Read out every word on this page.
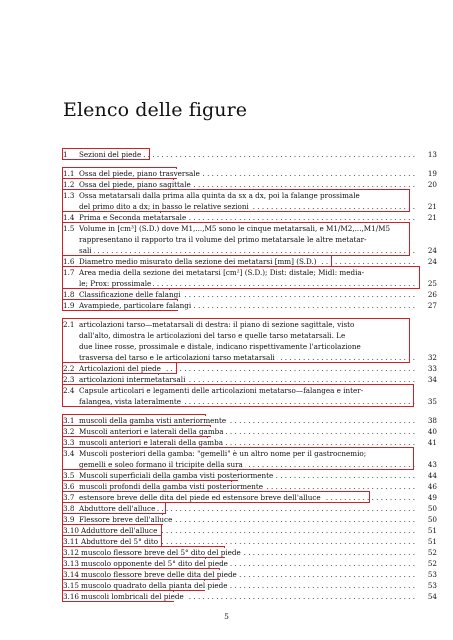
Elenco delle figure
1 Sezioni del piede . . .	13
1.1 Ossa del piede, piano trasversale . . .	19
1.2 Ossa del piede, piano sagittale . . .	20
1.3 Ossa metatarsali dalla prima alla quinta da sx a dx, poi la falange prossimale
del primo dito a dx; in basso le relative sezioni . . .	21
1.4 Prima e Seconda metatarsale . . .	21
1.5 Volume in [cm³] (S.D.) dove M1,...,M5 sono le cinque metatarsali, e M1/M2,...,M1/M5
rappresentano il rapporto tra il volume del primo metatarsale le altre metatar-
sali . . .	24
1.6 Diametro medio misurato della sezione dei metatarsi [mm] (S.D.) . . .	24
1.7 Area media della sezione dei metatarsi [cm²] (S.D.); Dist: distale; Midl: media-
le; Prox: prossimale . . .	25
1.8 Classificazione delle falangi . . .	26
1.9 Avampiede, particolare falangi . . .	27
2.1 articolazioni tarso—metatarsali di destra: il piano di sezione sagittale, visto
dall'alto, dimostra le articolazioni del tarso e quelle tarso metatarsali. Le
due linee rosse, prossimale e distale, indicano rispettivamente l'articolazione
trasversa del tarso e le articolazioni tarso metatarsali . . .	32
2.2 Articolazioni del piede . . .	33
2.3 articolazioni intermetatarsali . . .	34
2.4 Capsule articolari e legamenti delle articolazioni metatarso—falangea e inter-
falangea, vista lateralmente . . .	35
3.1 muscoli della gamba visti anteriormente . . .	38
3.2 Muscoli anteriori e laterali della gamba . . .	40
3.3 muscoli anteriori e laterali della gamba . . .	41
3.4 Muscoli posteriori della gamba: "gemelli" è un altro nome per il gastrocnemio;
gemelli e soleo formano il tricipite della sura . . .	43
3.5 Muscoli superficiali della gamba visti posteriormente . . .	44
3.6 muscoli profondi della gamba visti posteriormente . . .	46
3.7 estensore breve delle dita del piede ed estensore breve dell'alluce . . .	49
3.8 Abduttore dell'alluce . . .	50
3.9 Flessore breve dell'alluce . . .	50
3.10 Adduttore dell'alluce . . .	51
3.11 Abduttore del 5° dito . . .	51
3.12 muscolo flessore breve del 5° dito del piede . . .	52
3.13 muscolo opponente del 5° dito del piede . . .	52
3.14 muscolo flessore breve delle dita del piede . . .	53
3.15 muscolo quadrato della pianta del piede . . .	53
3.16 muscoli lombricali del piede . . .	54
5
